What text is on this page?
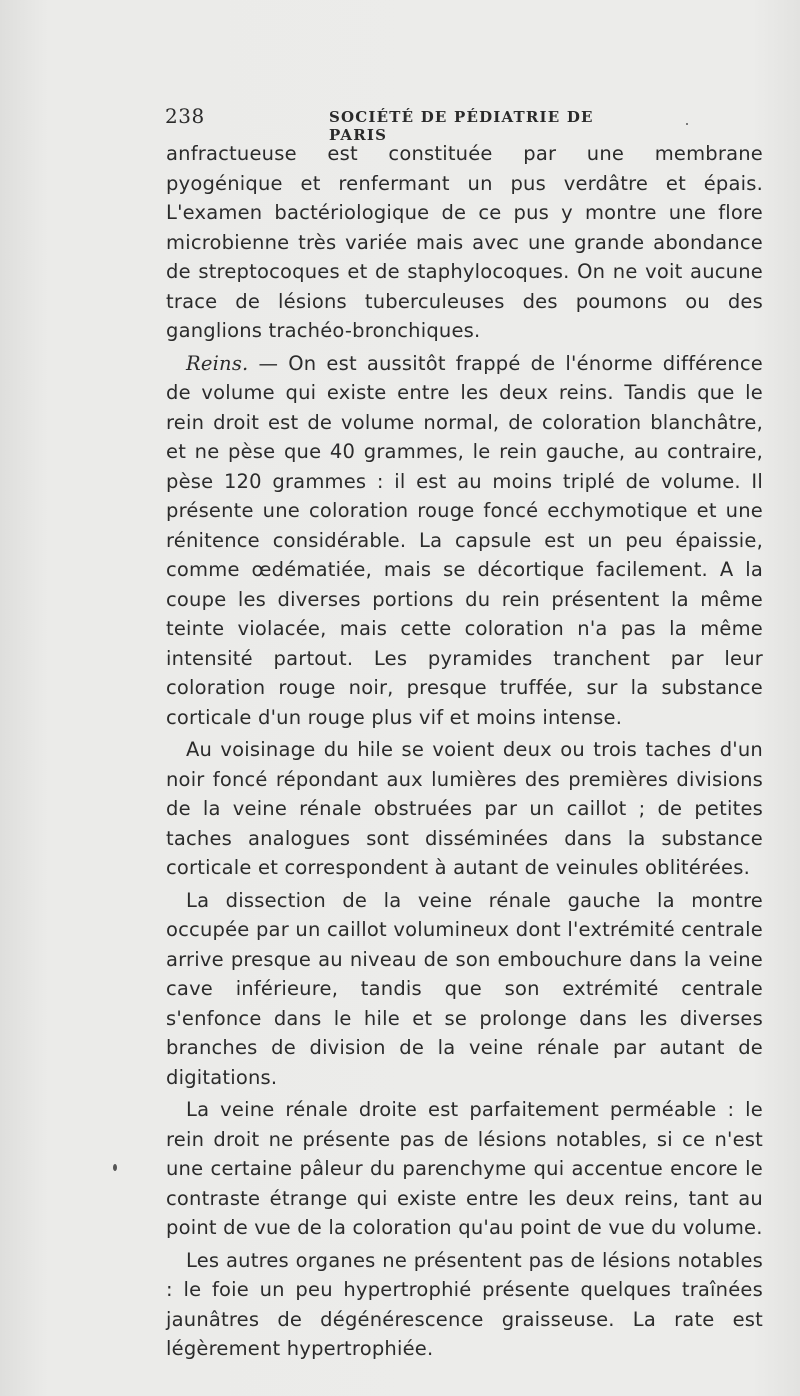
238	SOCIÉTÉ DE PÉDIATRIE DE PARIS

anfractueuse est constituée par une membrane pyogénique et renfermant un pus verdâtre et épais. L'examen bactériologique de ce pus y montre une flore microbienne très variée mais avec une grande abondance de streptocoques et de staphylocoques. On ne voit aucune trace de lésions tuberculeuses des poumons ou des ganglions trachéo-bronchiques.

Reins. — On est aussitôt frappé de l'énorme différence de volume qui existe entre les deux reins. Tandis que le rein droit est de volume normal, de coloration blanchâtre, et ne pèse que 40 grammes, le rein gauche, au contraire, pèse 120 grammes : il est au moins triplé de volume. Il présente une coloration rouge foncé ecchymotique et une rénitence considérable. La capsule est un peu épaissie, comme œdématiée, mais se décortique facilement. A la coupe les diverses portions du rein présentent la même teinte violacée, mais cette coloration n'a pas la même intensité partout. Les pyramides tranchent par leur coloration rouge noir, presque truffée, sur la substance corticale d'un rouge plus vif et moins intense.

Au voisinage du hile se voient deux ou trois taches d'un noir foncé répondant aux lumières des premières divisions de la veine rénale obstruées par un caillot ; de petites taches analogues sont disséminées dans la substance corticale et correspondent à autant de veinules oblitérées.

La dissection de la veine rénale gauche la montre occupée par un caillot volumineux dont l'extrémité centrale arrive presque au niveau de son embouchure dans la veine cave inférieure, tandis que son extrémité centrale s'enfonce dans le hile et se prolonge dans les diverses branches de division de la veine rénale par autant de digitations.

La veine rénale droite est parfaitement perméable : le rein droit ne présente pas de lésions notables, si ce n'est une certaine pâleur du parenchyme qui accentue encore le contraste étrange qui existe entre les deux reins, tant au point de vue de la coloration qu'au point de vue du volume.

Les autres organes ne présentent pas de lésions notables : le foie un peu hypertrophié présente quelques traînées jaunâtres de dégénérescence graisseuse. La rate est légèrement hypertrophiée.
